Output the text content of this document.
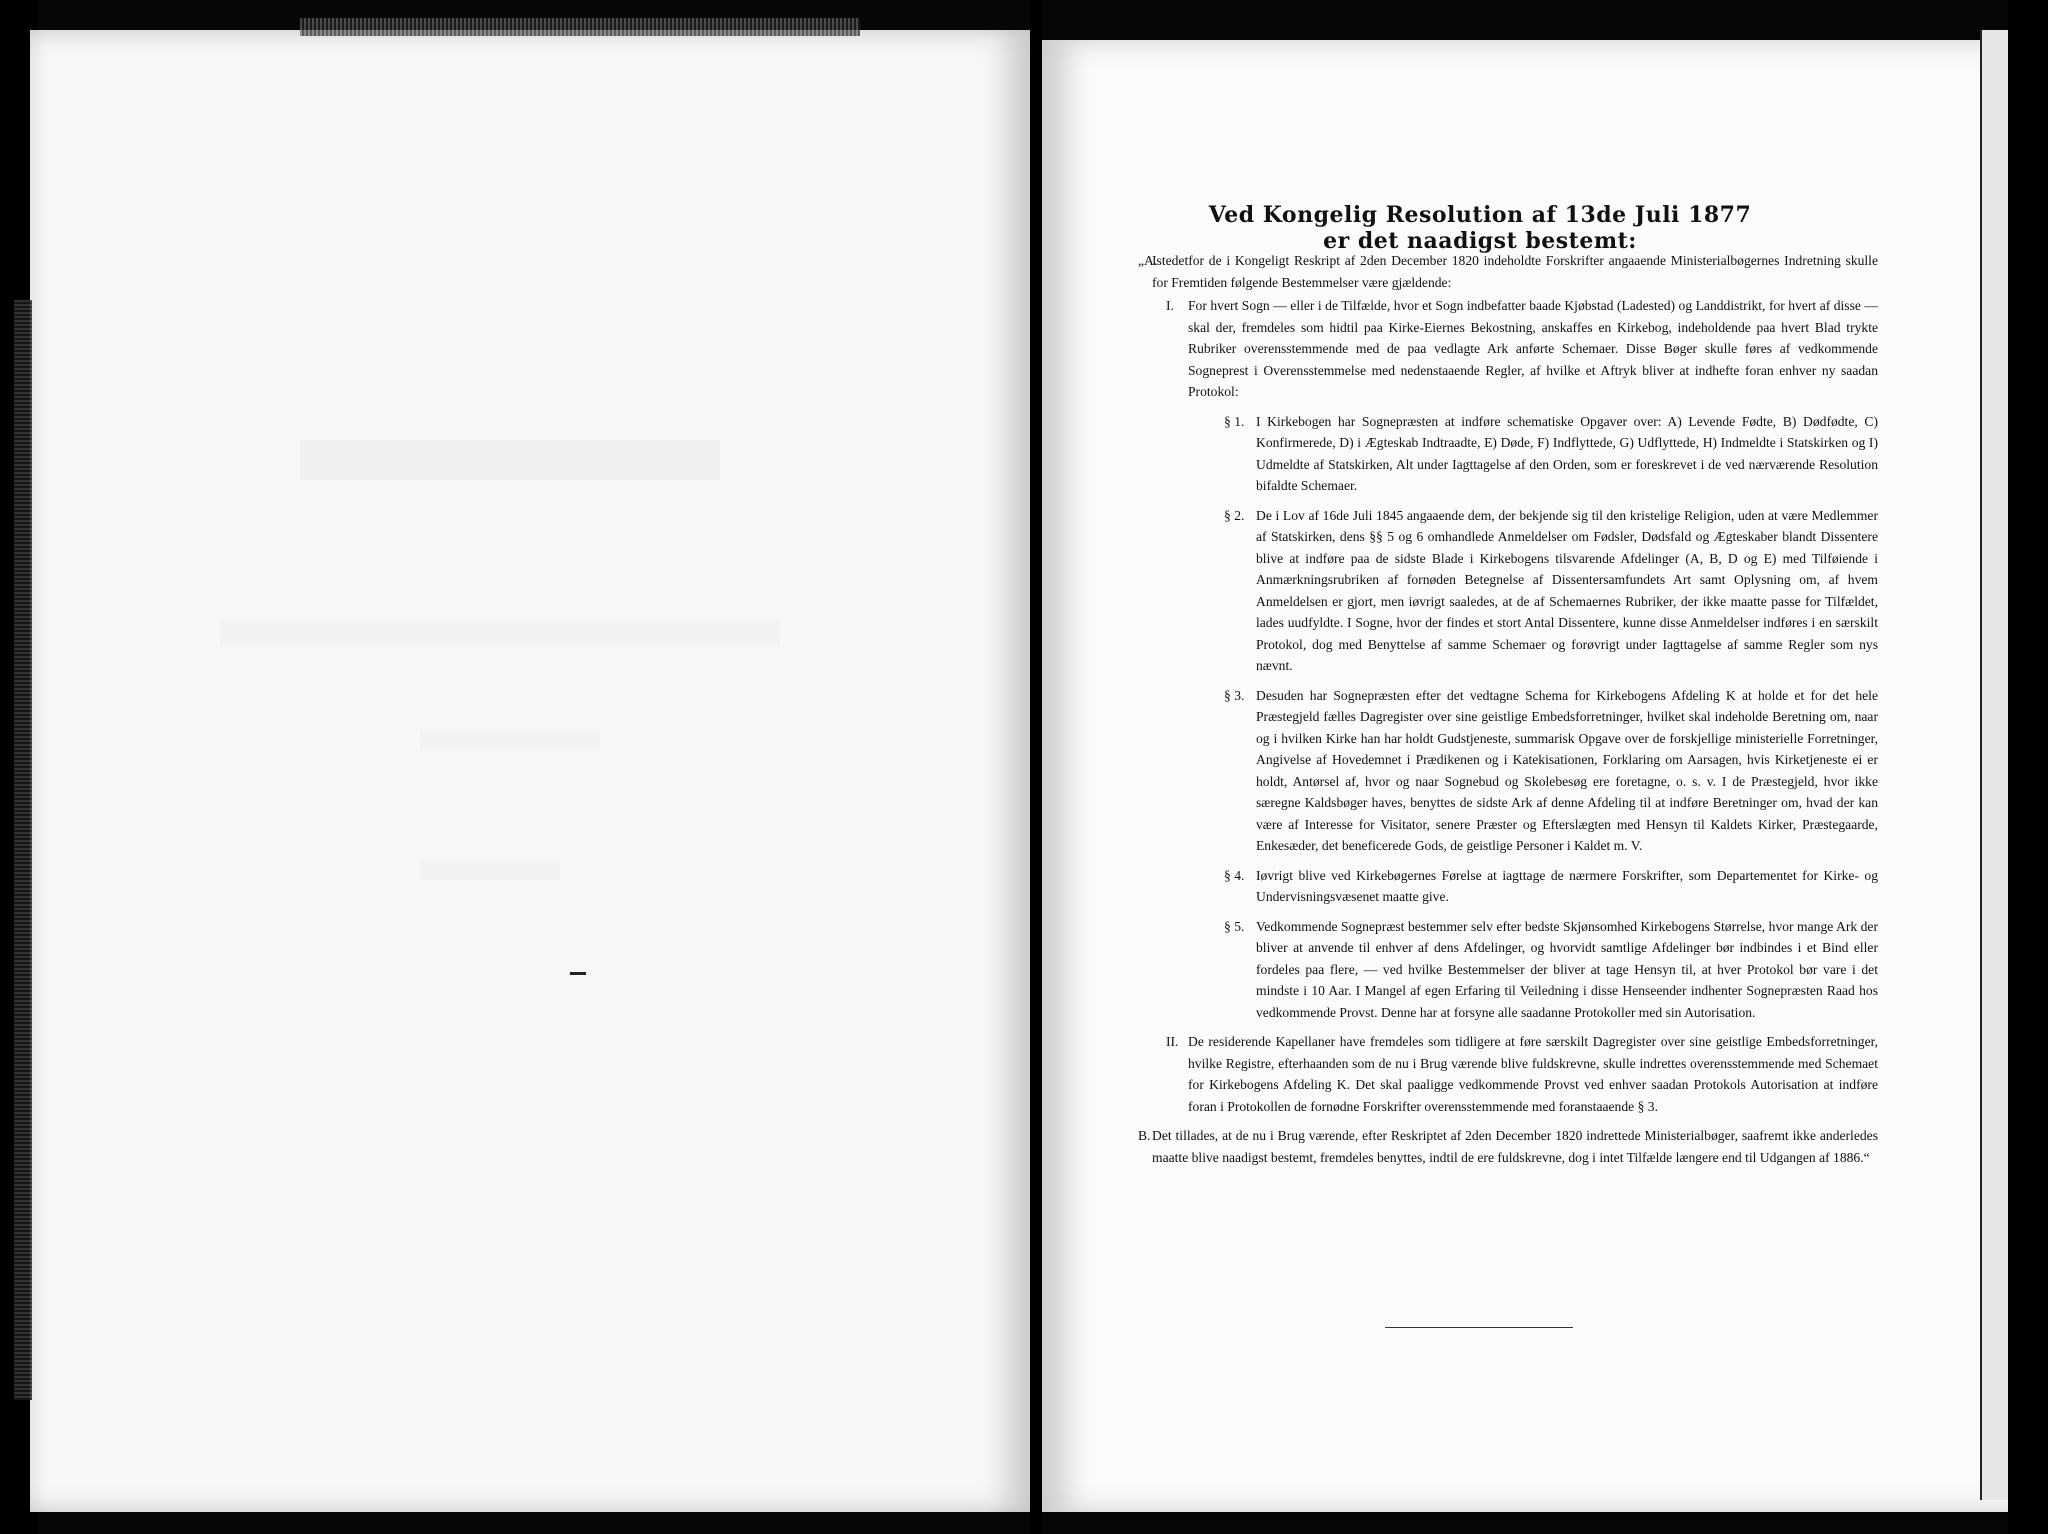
Ved Kongelig Resolution af 13de Juli 1877 er det naadigst bestemt:
„A.

Istedetfor de i Kongeligt Reskript af 2den December 1820 indeholdte Forskrifter angaaende Ministerialbøgernes Indretning skulle for Fremtiden følgende Bestemmelser være gjældende:

I.	For hvert Sogn — eller i de Tilfælde, hvor et Sogn indbefatter baade Kjøbstad (Ladested) og Landdistrikt, for hvert af disse — skal der, fremdeles som hidtil paa Kirke-Eiernes Bekostning, anskaffes en Kirkebog, indeholdende paa hvert Blad trykte Rubriker overensstemmende med de paa vedlagte Ark anførte Schemaer. Disse Bøger skulle føres af vedkommende Sogneprest i Overensstemmelse med nedenstaaende Regler, af hvilke et Aftryk bliver at indhefte foran enhver ny saadan Protokol:

§ 1. I Kirkebogen har Sognepræsten at indføre schematiske Opgaver over: A) Levende Fødte, B) Dødfødte, C) Konfirmerede, D) i Ægteskab Indtraadte, E) Døde, F) Indflyttede, G) Udflyttede, H) Indmeldte i Statskirken og I) Udmeldte af Statskirken, Alt under Iagttagelse af den Orden, som er foreskrevet i de ved nærværende Resolution bifaldte Schemaer.

§ 2. De i Lov af 16de Juli 1845 angaaende dem, der bekjende sig til den kristelige Religion, uden at være Medlemmer af Statskirken, dens §§ 5 og 6 omhandlede Anmeldelser om Fødsler, Dødsfald og Ægteskaber blandt Dissentere blive at indføre paa de sidste Blade i Kirkebogens tilsvarende Afdelinger (A, B, D og E) med Tilføiende i Anmærkningsrubriken af fornøden Betegnelse af Dissentersamfundets Art samt Oplysning om, af hvem Anmeldelsen er gjort, men iøvrigt saaledes, at de af Schemaernes Rubriker, der ikke maatte passe for Tilfældet, lades uudfyldte. I Sogne, hvor der findes et stort Antal Dissentere, kunne disse Anmeldelser indføres i en særskilt Protokol, dog med Benyttelse af samme Schemaer og forøvrigt under Iagttagelse af samme Regler som nys nævnt.

§ 3. Desuden har Sognepræsten efter det vedtagne Schema for Kirkebogens Afdeling K at holde et for det hele Præstegjeld fælles Dagregister over sine geistlige Embedsforretninger, hvilket skal indeholde Beretning om, naar og i hvilken Kirke han har holdt Gudstjeneste, summarisk Opgave over de forskjellige ministerielle Forretninger, Angivelse af Hovedemnet i Prædikenen og i Katekisationen, Forklaring om Aarsagen, hvis Kirketjeneste ei er holdt, Antørsel af, hvor og naar Sognebud og Skolebesøg ere foretagne, o. s. v. I de Præstegjeld, hvor ikke særegne Kaldsbøger haves, benyttes de sidste Ark af denne Afdeling til at indføre Beretninger om, hvad der kan være af Interesse for Visitator, senere Præster og Efterslægten med Hensyn til Kaldets Kirker, Præstegaarde, Enkesæder, det beneficerede Gods, de geistlige Personer i Kaldet m. V.

§ 4. Iøvrigt blive ved Kirkebøgernes Førelse at iagttage de nærmere Forskrifter, som Departementet for Kirke- og Undervisningsvæsenet maatte give.

§ 5. Vedkommende Sognepræst bestemmer selv efter bedste Skjønsomhed Kirkebogens Størrelse, hvor mange Ark der bliver at anvende til enhver af dens Afdelinger, og hvorvidt samtlige Afdelinger bør indbindes i et Bind eller fordeles paa flere, — ved hvilke Bestemmelser der bliver at tage Hensyn til, at hver Protokol bør vare i det mindste i 10 Aar. I Mangel af egen Erfaring til Veiledning i disse Henseender indhenter Sognepræsten Raad hos vedkommende Provst. Denne har at forsyne alle saadanne Protokoller med sin Autorisation.

II. De residerende Kapellaner have fremdeles som tidligere at føre særskilt Dagregister over sine geistlige Embedsforretninger, hvilke Registre, efterhaanden som de nu i Brug værende blive fuldskrevne, skulle indrettes overensstemmende med Schemaet for Kirkebogens Afdeling K. Det skal paaligge vedkommende Provst ved enhver saadan Protokols Autorisation at indføre foran i Protokollen de fornødne Forskrifter overensstemmende med foranstaaende § 3.

B. Det tillades, at de nu i Brug værende, efter Reskriptet af 2den December 1820 indrettede Ministerialbøger, saafremt ikke anderledes maatte blive naadigst bestemt, fremdeles benyttes, indtil de ere fuldskrevne, dog i intet Tilfælde længere end til Udgangen af 1886.“
